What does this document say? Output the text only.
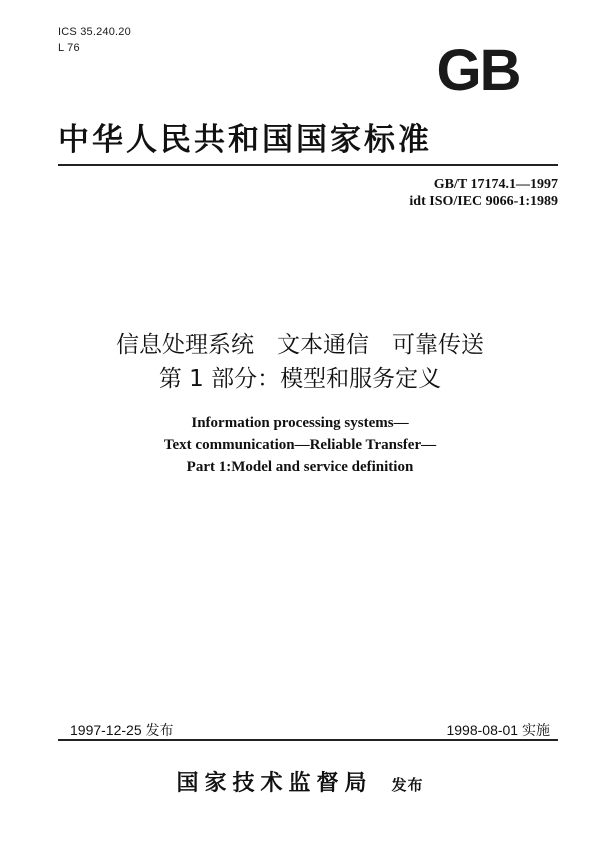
ICS 35.240.20
L 76	GB
中华人民共和国国家标准
GB/T 17174.1—1997
idt ISO/IEC 9066-1:1989
信息处理系统　文本通信　可靠传送
第 1 部分：模型和服务定义
Information processing systems—
Text communication—Reliable Transfer—
Part 1:Model and service definition
1997-12-25 发布	1998-08-01 实施
国家技术监督局 发布
